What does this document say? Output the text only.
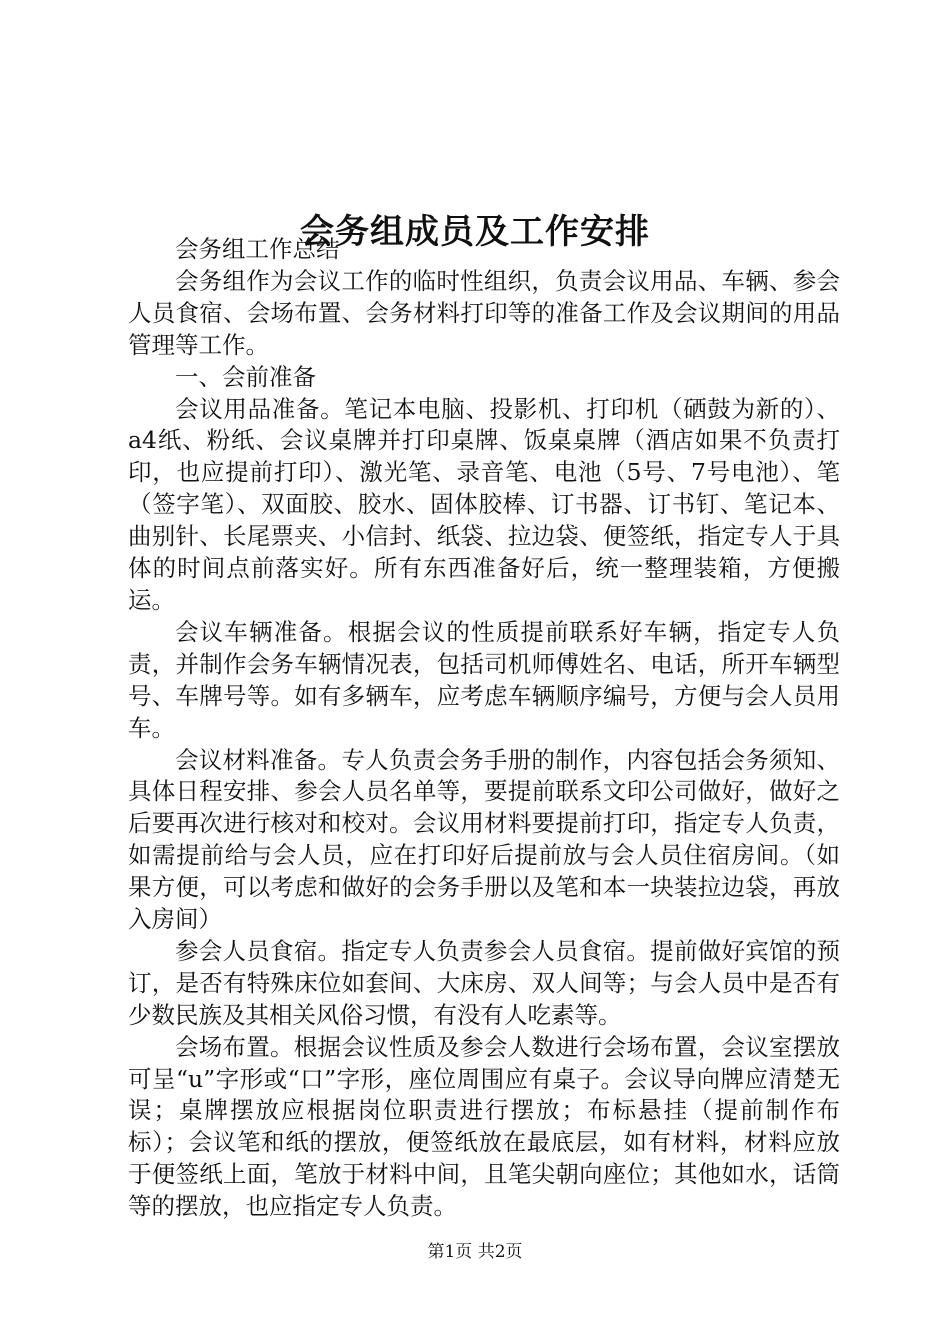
会务组成员及工作安排

会务组工作总结

会务组作为会议工作的临时性组织，负责会议用品、车辆、参会人员食宿、会场布置、会务材料打印等的准备工作及会议期间的用品管理等工作。

一、会前准备

会议用品准备。笔记本电脑、投影机、打印机（硒鼓为新的）、a4纸、粉纸、会议桌牌并打印桌牌、饭桌桌牌（酒店如果不负责打印，也应提前打印）、激光笔、录音笔、电池（5号、7号电池）、笔（签字笔）、双面胶、胶水、固体胶棒、订书器、订书钉、笔记本、曲别针、长尾票夹、小信封、纸袋、拉边袋、便签纸，指定专人于具体的时间点前落实好。所有东西准备好后，统一整理装箱，方便搬运。

会议车辆准备。根据会议的性质提前联系好车辆，指定专人负责，并制作会务车辆情况表，包括司机师傅姓名、电话，所开车辆型号、车牌号等。如有多辆车，应考虑车辆顺序编号，方便与会人员用车。

会议材料准备。专人负责会务手册的制作，内容包括会务须知、具体日程安排、参会人员名单等，要提前联系文印公司做好，做好之后要再次进行核对和校对。会议用材料要提前打印，指定专人负责，如需提前给与会人员，应在打印好后提前放与会人员住宿房间。（如果方便，可以考虑和做好的会务手册以及笔和本一块装拉边袋，再放入房间）

参会人员食宿。指定专人负责参会人员食宿。提前做好宾馆的预订，是否有特殊床位如套间、大床房、双人间等；与会人员中是否有少数民族及其相关风俗习惯，有没有人吃素等。

会场布置。根据会议性质及参会人数进行会场布置，会议室摆放可呈“u”字形或“口”字形，座位周围应有桌子。会议导向牌应清楚无误；桌牌摆放应根据岗位职责进行摆放；布标悬挂（提前制作布标）；会议笔和纸的摆放，便签纸放在最底层，如有材料，材料应放于便签纸上面，笔放于材料中间，且笔尖朝向座位；其他如水，话筒等的摆放，也应指定专人负责。

第1页 共2页
